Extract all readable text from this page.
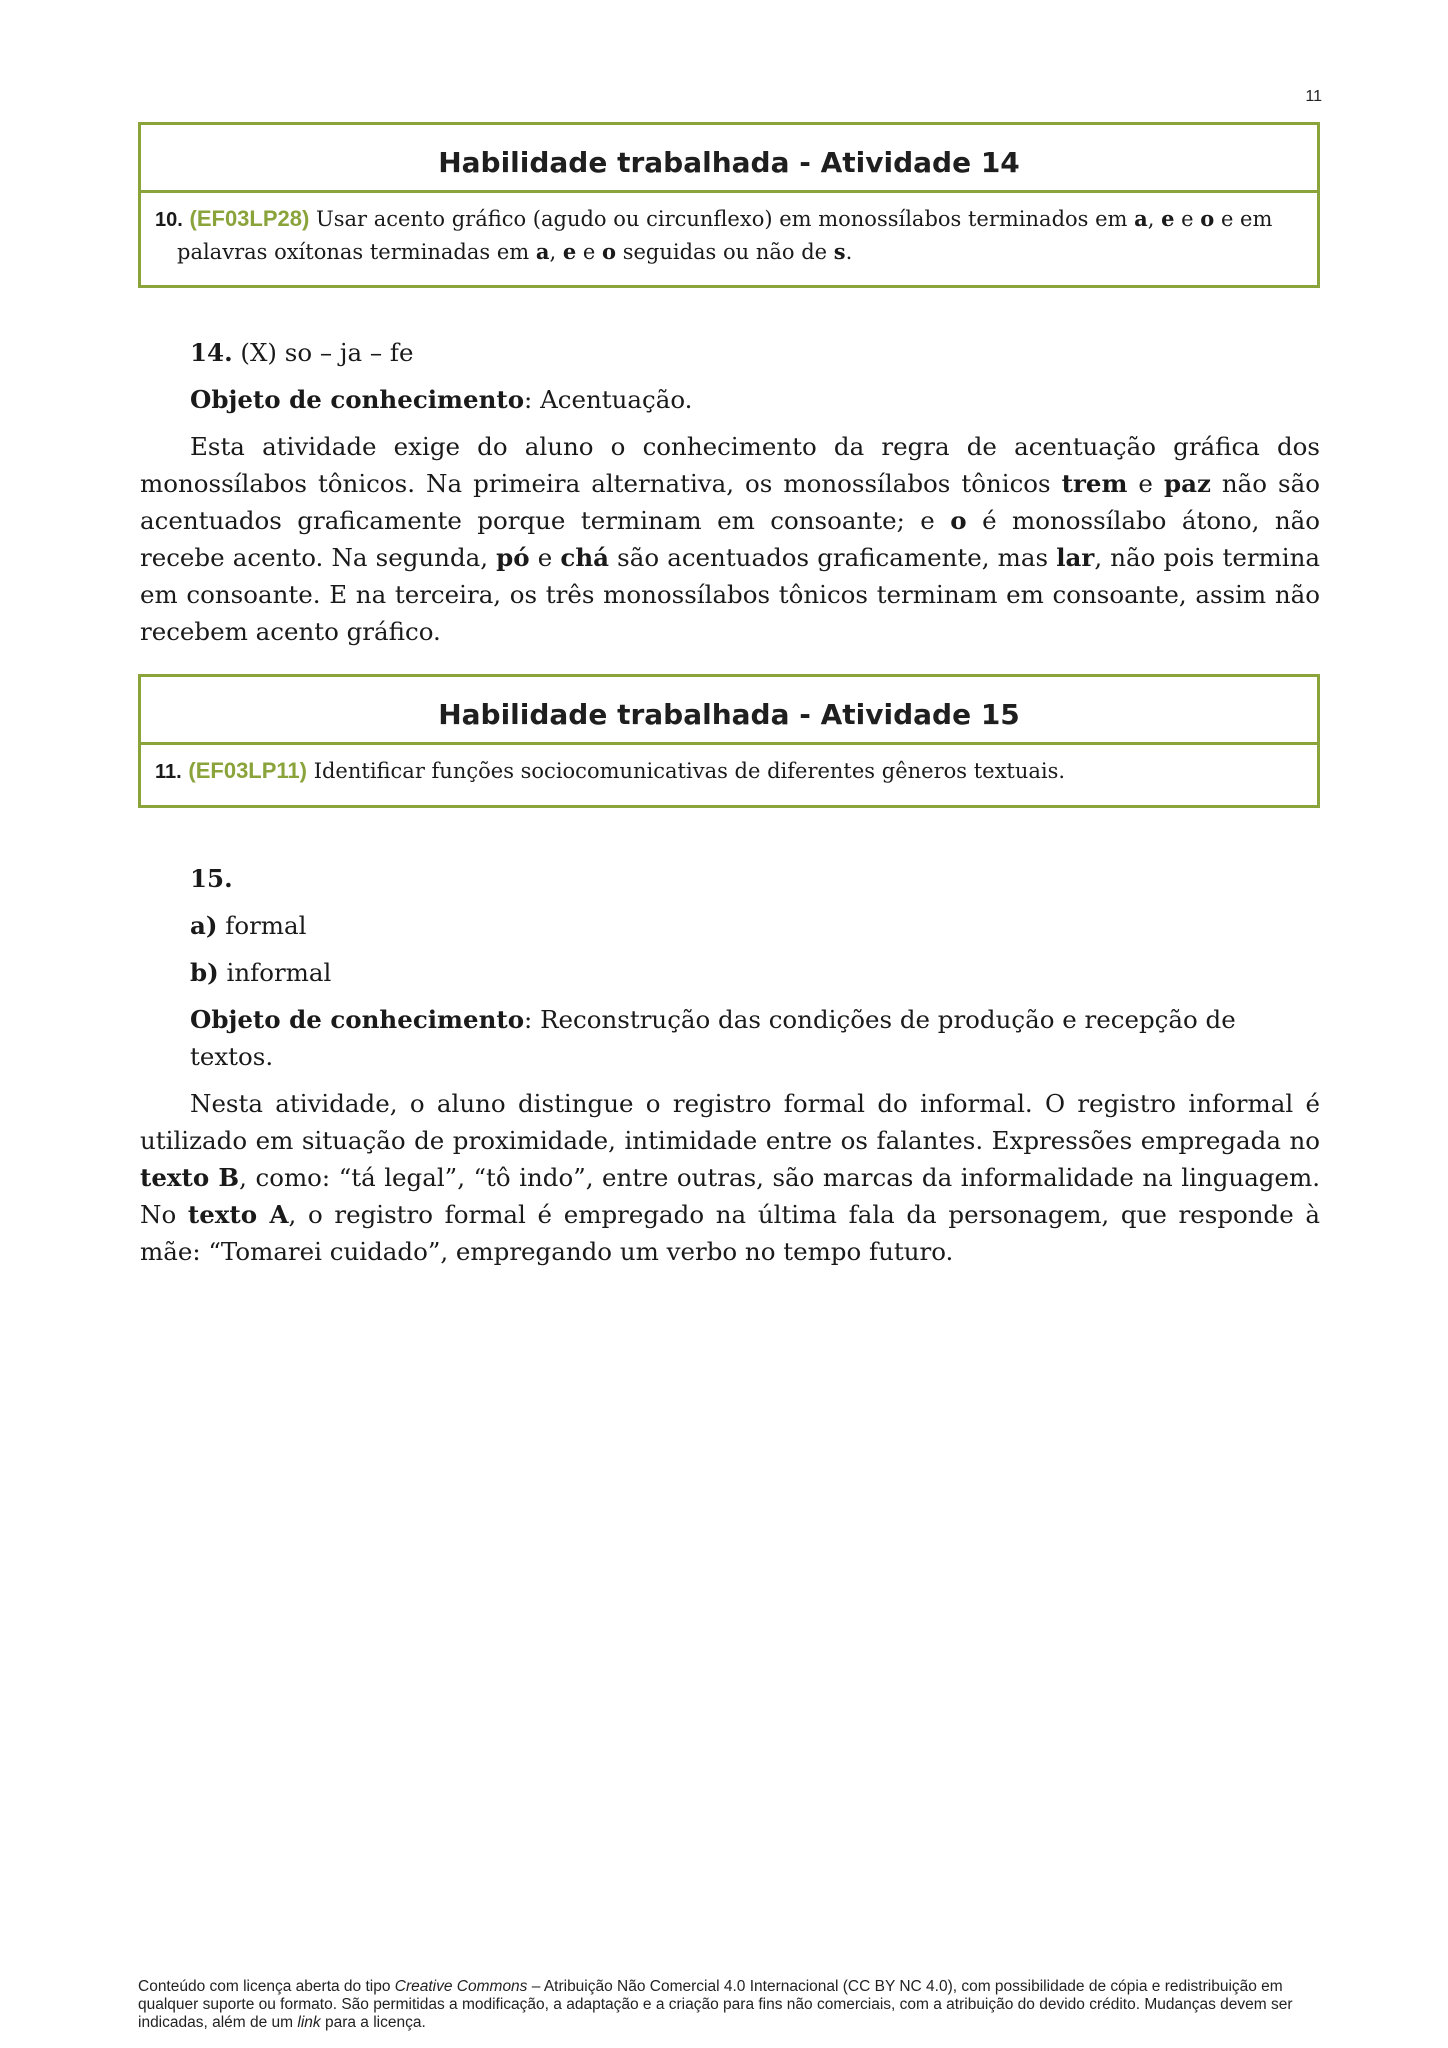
11
Habilidade trabalhada - Atividade 14
10. (EF03LP28) Usar acento gráfico (agudo ou circunflexo) em monossílabos terminados em a, e e o e em
palavras oxítonas terminadas em a, e e o seguidas ou não de s.

14. (X) so – ja – fe

Objeto de conhecimento: Acentuação.

Esta atividade exige do aluno o conhecimento da regra de acentuação gráfica dos monossílabos tônicos. Na primeira alternativa, os monossílabos tônicos trem e paz não são acentuados graficamente porque terminam em consoante; e o é monossílabo átono, não recebe acento. Na segunda, pó e chá são acentuados graficamente, mas lar, não pois termina em consoante. E na terceira, os três monossílabos tônicos terminam em consoante, assim não recebem acento gráfico.

Habilidade trabalhada - Atividade 15
11. (EF03LP11) Identificar funções sociocomunicativas de diferentes gêneros textuais.

15.

a) formal

b) informal

Objeto de conhecimento: Reconstrução das condições de produção e recepção de textos.

Nesta atividade, o aluno distingue o registro formal do informal. O registro informal é utilizado em situação de proximidade, intimidade entre os falantes. Expressões empregada no texto B, como: “tá legal”, “tô indo”, entre outras, são marcas da informalidade na linguagem. No texto A, o registro formal é empregado na última fala da personagem, que responde à mãe: “Tomarei cuidado”, empregando um verbo no tempo futuro.

Conteúdo com licença aberta do tipo Creative Commons – Atribuição Não Comercial 4.0 Internacional (CC BY NC 4.0), com possibilidade de cópia e redistribuição em qualquer suporte ou formato. São permitidas a modificação, a adaptação e a criação para fins não comerciais, com a atribuição do devido crédito. Mudanças devem ser indicadas, além de um link para a licença.
